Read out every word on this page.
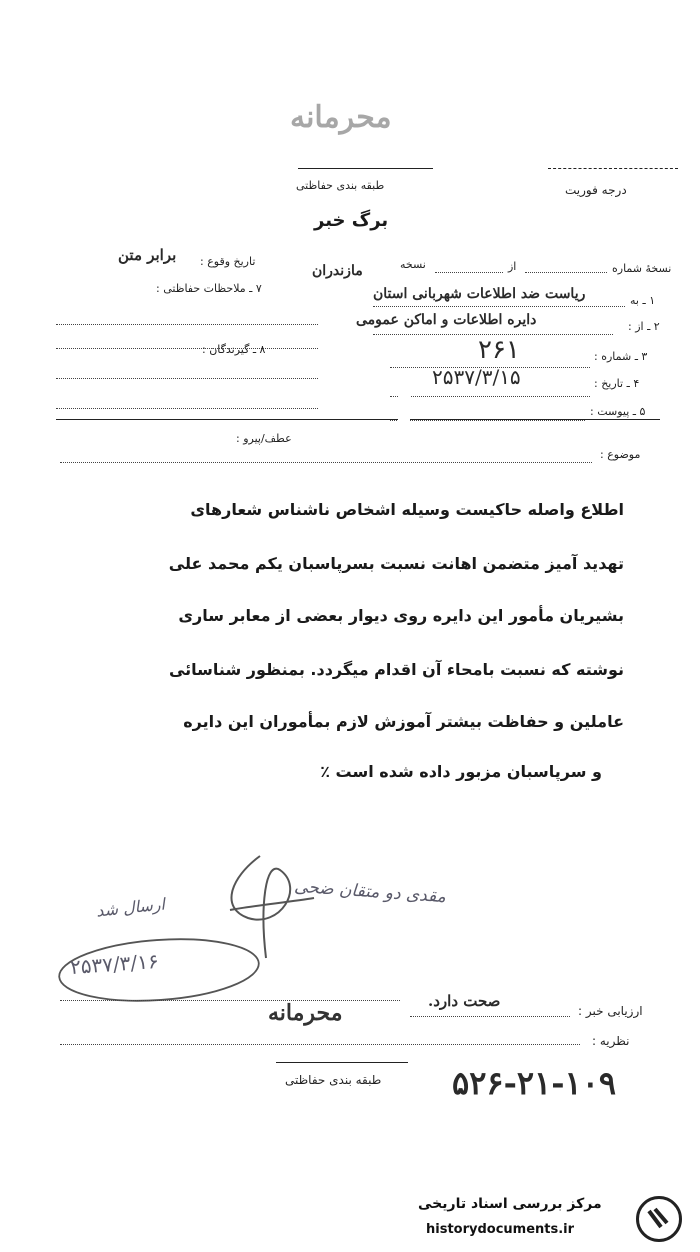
محرمانه
طبقه بندی حفاظتی	درجه فوریت
برگ خبر
نسخهٔ شماره
از
نسخه
تاریخ وقوع :
برابر متن
۱ ـ به
ریاست ضد اطلاعات شهربانی استان
مازندران
۷ ـ ملاحظات حفاظتی :
۲ ـ از :
دایره اطلاعات و اماکن عمومی
۳ ـ شماره :
۲۶۱
۸ ـ گیرندگان :
۴ ـ تاریخ :
۲۵۳۷/۳/۱۵
۵ ـ پیوست :
عطف/پیرو :
موضوع :
اطلاع واصله حاکیست وسیله اشخاص ناشناس شعارهای
تهدید آمیز متضمن اهانت نسبت بسرپاسبان یکم محمد علی
بشیریان مأمور این دایره روی دیوار بعضی از معابر ساری
نوشته که نسبت بامحاء آن اقدام میگردد. بمنظور شناسائی
عاملین و حفاظت بیشتر آموزش لازم بمأموران این دایره
و سرپاسبان مزبور داده شده است ٪
مقدی دو متقان ضحی
ارسال شد
۲۵۳۷/۳/۱۶
ارزیابی خبر :
صحت دارد.
محرمانه
نظریه :
طبقه بندی حفاظتی ۵۲۶-۲۱-۱۰۹
مرکز بررسی اسناد تاریخی
historydocuments.ir
